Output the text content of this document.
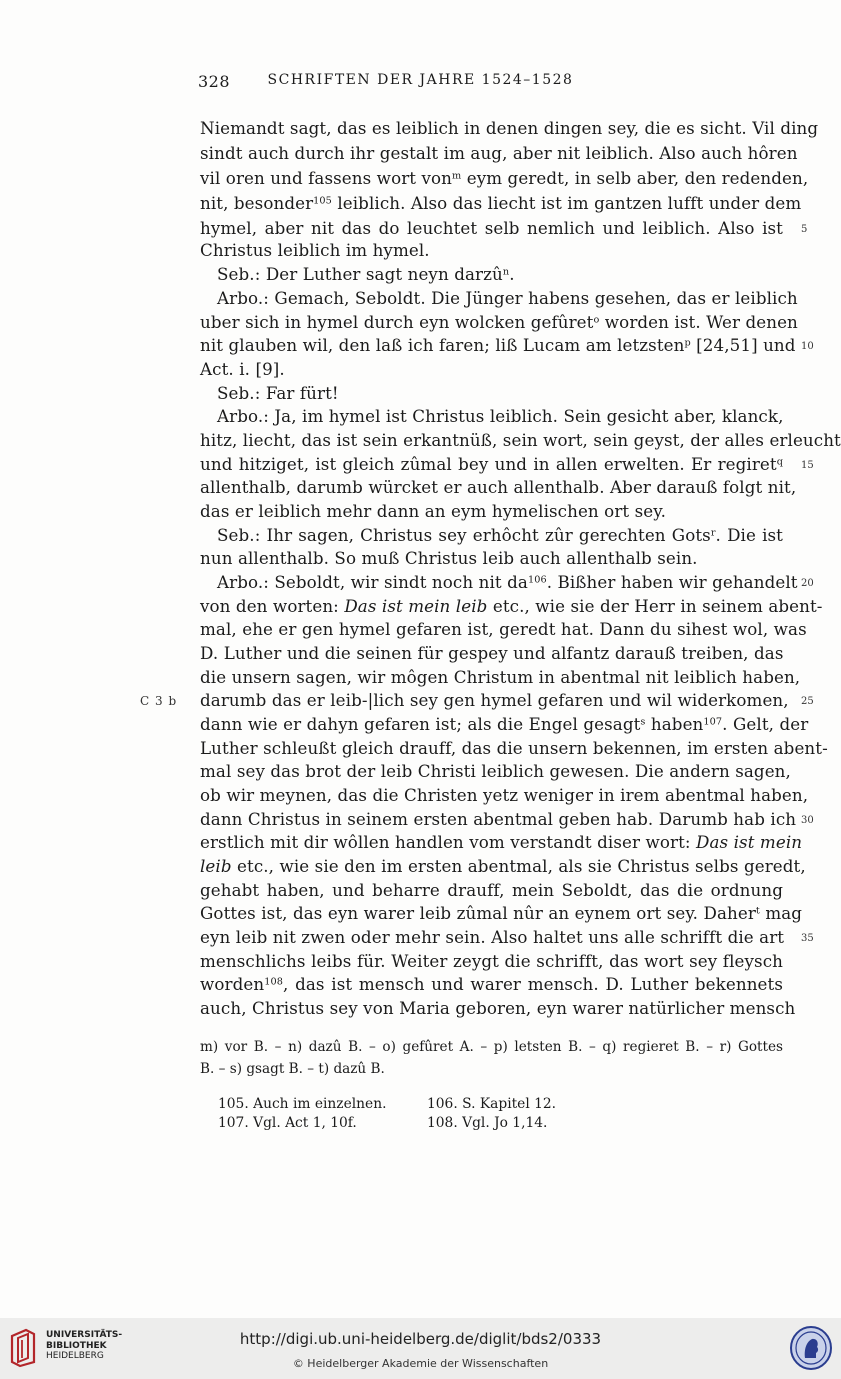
328	SCHRIFTEN DER JAHRE 1524–1528
Niemandt sagt, das es leiblich in denen dingen sey, die es sicht. Vil ding
sindt auch durch ihr gestalt im aug, aber nit leiblich. Also auch hôren
vil oren und fassens wort von$^m$ eym geredt, in selb aber, den redenden,
nit, besonder$^{105}$ leiblich. Also das liecht ist im gantzen lufft under dem
hymel, aber nit das do leuchtet selb nemlich und leiblich. Also ist
Christus leiblich im hymel.
Seb.: Der Luther sagt neyn darzû$^n$.
Arbo.: Gemach, Seboldt. Die Jünger habens gesehen, das er leiblich
uber sich in hymel durch eyn wolcken gefûret$^o$ worden ist. Wer denen
nit glauben wil, den laß ich faren; liß Lucam am letzsten$^p$ [24,51] und
Act. i. [9].
Seb.: Far fürt!
Arbo.: Ja, im hymel ist Christus leiblich. Sein gesicht aber, klanck,
hitz, liecht, das ist sein erkantnüß, sein wort, sein geyst, der alles erleucht
und hitziget, ist gleich zûmal bey und in allen erwelten. Er regiret$^q$
allenthalb, darumb würcket er auch allenthalb. Aber darauß folgt nit,
das er leiblich mehr dann an eym hymelischen ort sey.
Seb.: Ihr sagen, Christus sey erhôcht zûr gerechten Gots$^r$. Die ist
nun allenthalb. So muß Christus leib auch allenthalb sein.
Arbo.: Seboldt, wir sindt noch nit $da^{106}$. Bißher haben wir gehandelt
von den worten: Das ist mein leib etc., wie sie der Herr in seinem abent-
mal, ehe er gen hymel gefaren ist, geredt hat. Dann du sihest wol, was
D. Luther und die seinen für gespey und alfantz darauß treiben, das
die unsern sagen, wir môgen Christum in abentmal nit leiblich haben,
darumb das er leib-|lich sey gen hymel gefaren und wil widerkomen,
dann wie er dahyn gefaren ist; als die Engel gesagt$^s$ haben$^{107}$. Gelt, der
Luther schleußt gleich drauff, das die unsern bekennen, im ersten abent-
mal sey das brot der leib Christi leiblich gewesen. Die andern sagen,
ob wir meynen, das die Christen yetz weniger in irem abentmal haben,
dann Christus in seinem ersten abentmal geben hab. Darumb hab ich
erstlich mit dir wôllen handlen vom verstandt diser wort: Das ist mein
leib etc., wie sie den im ersten abentmal, als sie Christus selbs geredt,
gehabt haben, und beharre drauff, mein Seboldt, das die ordnung
Gottes ist, das eyn warer leib zûmal nûr an eynem ort sey. Daher$^t$ mag
eyn leib nit zwen oder mehr sein. Also haltet uns alle schrifft die art
menschlichs leibs für. Weiter zeygt die schrifft, das wort sey fleysch
worden$^{108}$, das ist mensch und warer mensch. D. Luther bekennets
auch, Christus sey von Maria geboren, eyn warer natürlicher mensch
5
10
15
20
25
30
35
C 3 b
m) vor B. – n) dazû B. – o) gefûret A. – p) letsten B. – q) regieret B. – r) Gottes
B. – s) gsagt B. – t) dazû B.
105. Auch im einzelnen.	106. S. Kapitel 12.
107. Vgl. Act 1, 10f.	108. Vgl. Jo 1,14.
UNIVERSITÄTS-
BIBLIOTHEK
HEIDELBERG
http://digi.ub.uni-heidelberg.de/diglit/bds2/0333
© Heidelberger Akademie der Wissenschaften
